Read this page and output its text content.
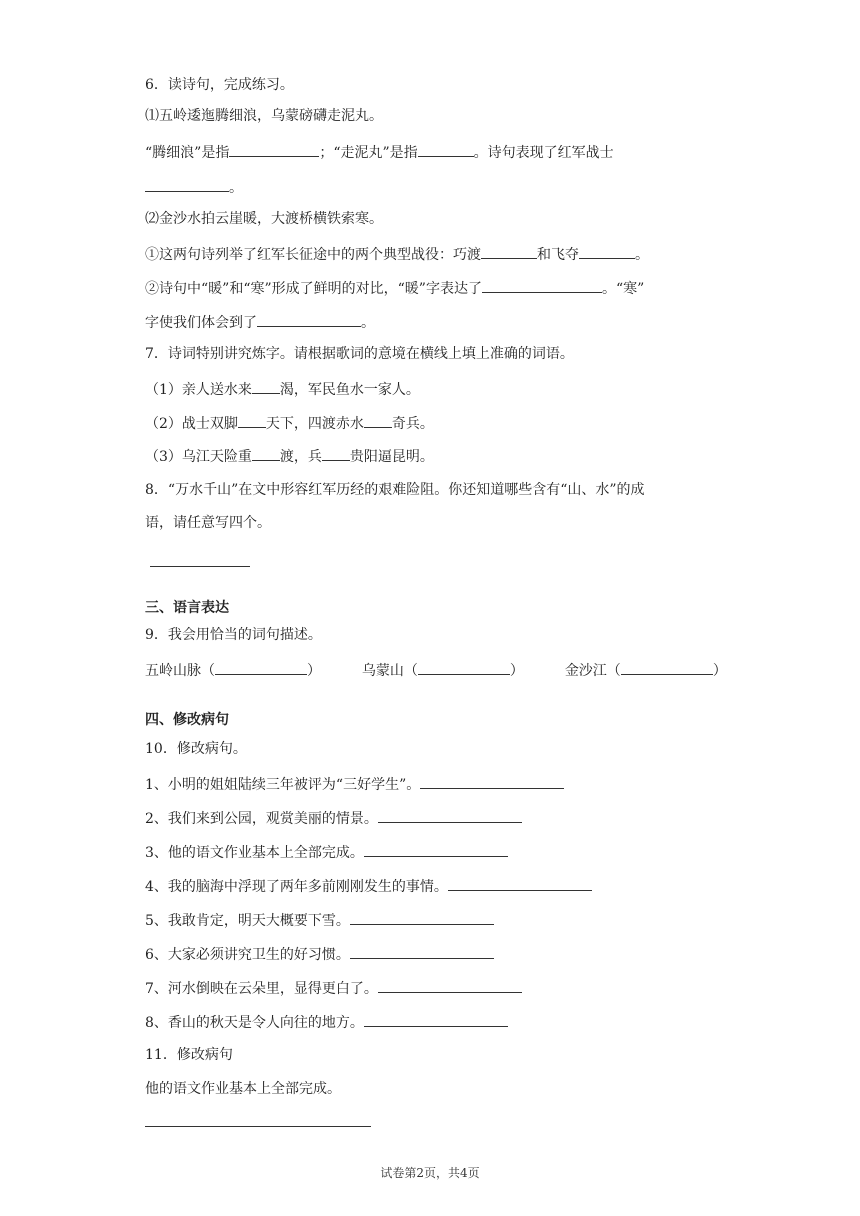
6．读诗句，完成练习。
⑴五岭逶迤腾细浪，乌蒙磅礴走泥丸。
“腾细浪”是指	；“走泥丸”是指	。诗句表现了红军战士
。
⑵金沙水拍云崖暖，大渡桥横铁索寒。
①这两句诗列举了红军长征途中的两个典型战役：巧渡	和飞夺	。
②诗句中“暖”和“寒”形成了鲜明的对比，“暖”字表达了	。“寒”
字使我们体会到了	。
7．诗词特别讲究炼字。请根据歌词的意境在横线上填上准确的词语。
（1）亲人送水来 渴，军民鱼水一家人。
（2）战士双脚 天下，四渡赤水 奇兵。
（3）乌江天险重 渡，兵 贵阳逼昆明。
8．“万水千山”在文中形容红军历经的艰难险阻。你还知道哪些含有“山、水”的成
语，请任意写四个。
三、语言表达
9．我会用恰当的词句描述。
五岭山脉（	）	乌蒙山（	）	金沙江（	）
四、修改病句
10．修改病句。
1、小明的姐姐陆续三年被评为“三好学生”。
2、我们来到公园，观赏美丽的情景。
3、他的语文作业基本上全部完成。
4、我的脑海中浮现了两年多前刚刚发生的事情。
5、我敢肯定，明天大概要下雪。
6、大家必须讲究卫生的好习惯。
7、河水倒映在云朵里，显得更白了。
8、香山的秋天是令人向往的地方。
11．修改病句
他的语文作业基本上全部完成。
试卷第2页，共4页
